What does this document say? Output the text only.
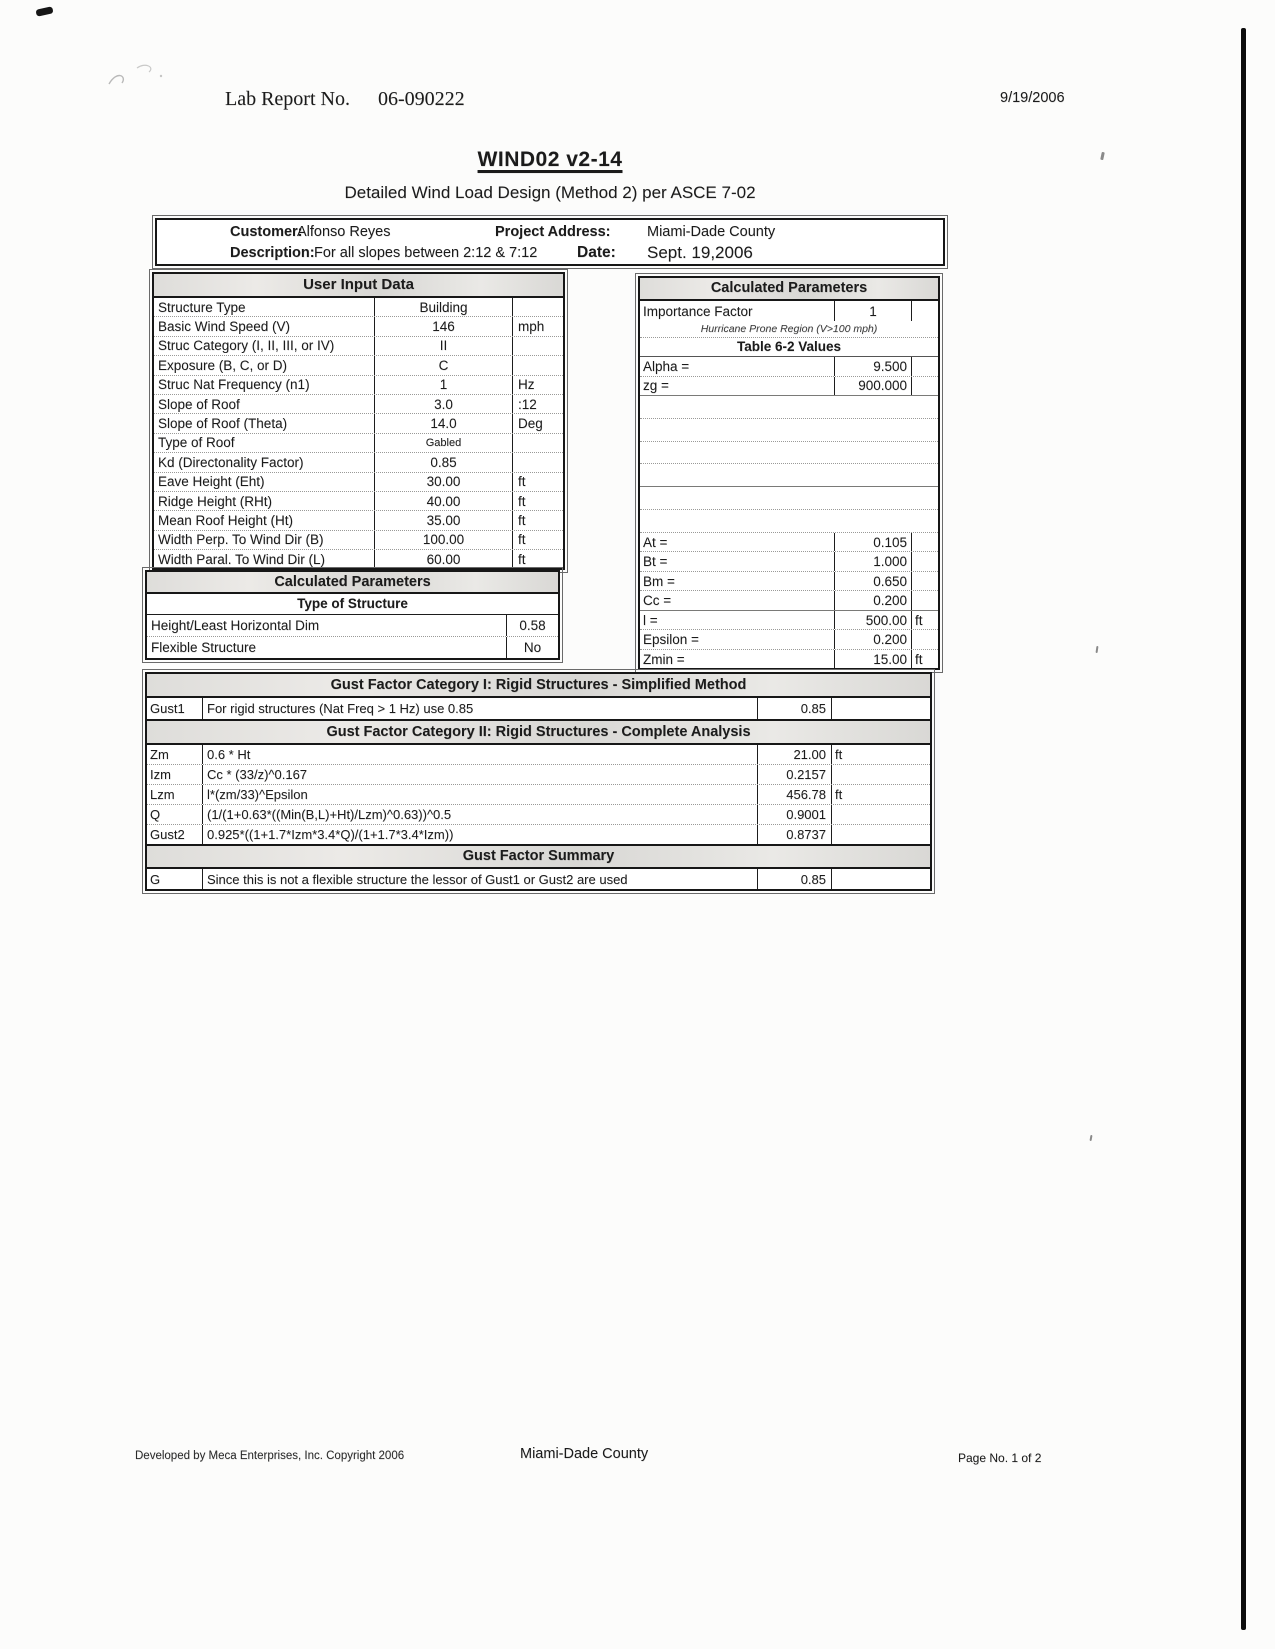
Lab Report No. 06-090222	9/19/2006
WIND02 v2-14
Detailed Wind Load Design (Method 2) per ASCE 7-02
Customer:
Alfonso Reyes	Project Address:	Miami-Dade County
Description: For all slopes between 2:12 & 7:12	Date: Sept. 19,2006
User Input Data
Structure Type	Building
Basic Wind Speed (V)	146	mph
Struc Category (I, II, III, or IV)	II
Exposure (B, C, or D)	C
Struc Nat Frequency (n1)	1	Hz
Slope of Roof	3.0	:12
Slope of Roof (Theta)	14.0	Deg
Type of Roof	Gabled
Kd (Directonality Factor)	0.85
Eave Height (Eht)	30.00	ft
Ridge Height (RHt)	40.00	ft
Mean Roof Height (Ht)	35.00	ft
Width Perp. To Wind Dir (B)	100.00	ft
Width Paral. To Wind Dir (L)	60.00	ft
Calculated Parameters
Type of Structure
Height/Least Horizontal Dim	0.58
Flexible Structure	No
Calculated Parameters
Importance Factor	1
Hurricane Prone Region (V>100 mph)
Table 6-2 Values
Alpha =	9.500
zg =	900.000
At =	0.105
Bt =	1.000
Bm =	0.650
Cc =	0.200
l =	500.00 ft
Epsilon =	0.200
Zmin =	15.00 ft
Gust Factor Category I: Rigid Structures - Simplified Method
Gust1	For rigid structures (Nat Freq > 1 Hz) use 0.85	0.85
Gust Factor Category II: Rigid Structures - Complete Analysis
Zm	0.6 * Ht	21.00 ft
Izm	Cc * (33/z)^0.167	0.2157
Lzm	l*(zm/33)^Epsilon	456.78 ft
Q	(1/(1+0.63*((Min(B,L)+Ht)/Lzm)^0.63))^0.5	0.9001
Gust2	0.925*((1+1.7*Izm*3.4*Q)/(1+1.7*3.4*Izm))	0.8737
Gust Factor Summary
G	Since this is not a flexible structure the lessor of Gust1 or Gust2 are used	0.85
Developed by Meca Enterprises, Inc. Copyright 2006	Miami-Dade County	Page No. 1 of 2
